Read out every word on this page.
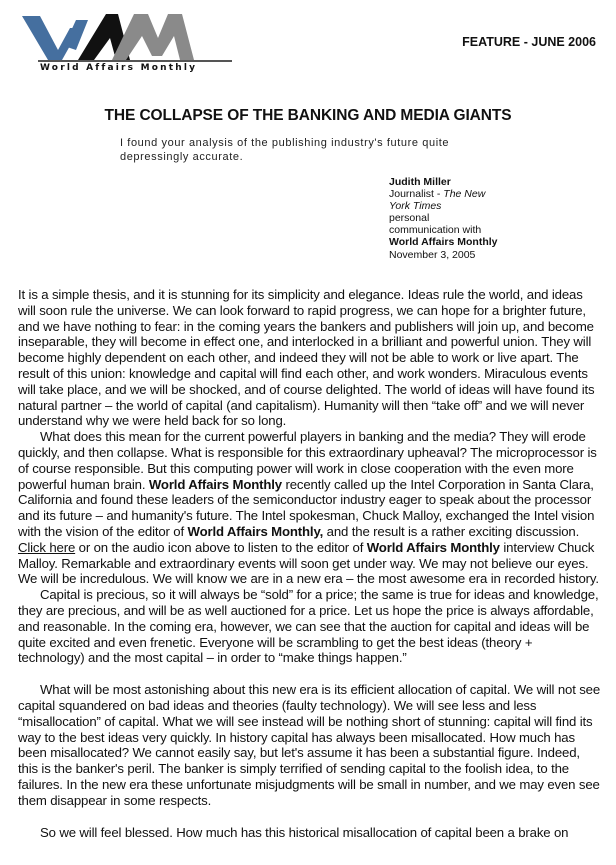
World Affairs Monthly
FEATURE - JUNE 2006
THE COLLAPSE OF THE BANKING AND MEDIA GIANTS
I found your analysis of the publishing industry's future quite depressingly accurate.
Judith Miller
Journalist - The New York Times
personal
communication with
World Affairs Monthly
November 3, 2005

It is a simple thesis, and it is stunning for its simplicity and elegance. Ideas rule the world, and ideas will soon rule the universe. We can look forward to rapid progress, we can hope for a brighter future, and we have nothing to fear: in the coming years the bankers and publishers will join up, and become inseparable, they will become in effect one, and interlocked in a brilliant and powerful union. They will become highly dependent on each other, and indeed they will not be able to work or live apart. The result of this union: knowledge and capital will find each other, and work wonders. Miraculous events will take place, and we will be shocked, and of course delighted. The world of ideas will have found its natural partner – the world of capital (and capitalism). Humanity will then “take off” and we will never understand why we were held back for so long.

What does this mean for the current powerful players in banking and the media? They will erode quickly, and then collapse. What is responsible for this extraordinary upheaval? The microprocessor is of course responsible. But this computing power will work in close cooperation with the even more powerful human brain. World Affairs Monthly recently called up the Intel Corporation in Santa Clara, California and found these leaders of the semiconductor industry eager to speak about the processor and its future – and humanity's future. The Intel spokesman, Chuck Malloy, exchanged the Intel vision with the vision of the editor of World Affairs Monthly, and the result is a rather exciting discussion. Click here or on the audio icon above to listen to the editor of World Affairs Monthly interview Chuck Malloy. Remarkable and extraordinary events will soon get under way. We may not believe our eyes. We will be incredulous. We will know we are in a new era – the most awesome era in recorded history.

Capital is precious, so it will always be “sold” for a price; the same is true for ideas and knowledge, they are precious, and will be as well auctioned for a price. Let us hope the price is always affordable, and reasonable. In the coming era, however, we can see that the auction for capital and ideas will be quite excited and even frenetic. Everyone will be scrambling to get the best ideas (theory + technology) and the most capital – in order to “make things happen.”

What will be most astonishing about this new era is its efficient allocation of capital. We will not see capital squandered on bad ideas and theories (faulty technology). We will see less and less “misallocation” of capital. What we will see instead will be nothing short of stunning: capital will find its way to the best ideas very quickly. In history capital has always been misallocated. How much has been misallocated? We cannot easily say, but let's assume it has been a substantial figure. Indeed, this is the banker's peril. The banker is simply terrified of sending capital to the foolish idea, to the failures. In the new era these unfortunate misjudgments will be small in number, and we may even see them disappear in some respects.

So we will feel blessed. How much has this historical misallocation of capital been a brake on
